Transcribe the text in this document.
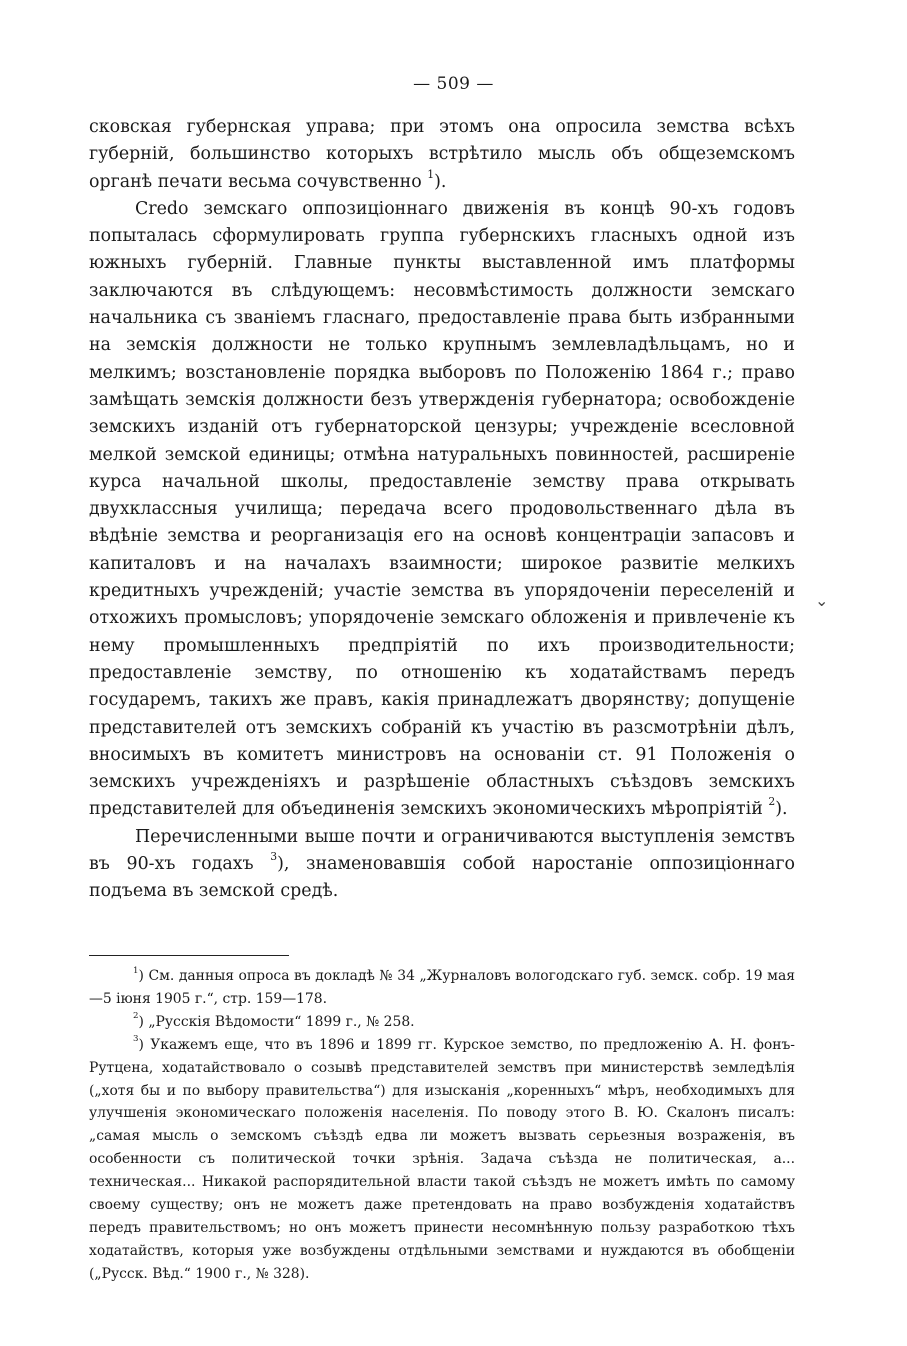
— 509 —

сковская губернская управа; при этомъ она опросила земства всѣхъ губерній, большинство которыхъ встрѣтило мысль объ общеземскомъ органѣ печати весьма сочувственно $^1$).

Credo земскаго оппозиціоннаго движенія въ концѣ 90-хъ годовъ попыталась сформулировать группа губернскихъ гласныхъ одной изъ южныхъ губерній. Главные пункты выставленной имъ платформы заключаются въ слѣдующемъ: несовмѣстимость должности земскаго начальника съ званіемъ гласнаго, предоставленіе права быть избранными на земскія должности не только крупнымъ землевладѣльцамъ, но и мелкимъ; возстановленіе порядка выборовъ по Положенію 1864 г.; право замѣщать земскія должности безъ утвержденія губернатора; освобожденіе земскихъ изданій отъ губернаторской цензуры; учрежденіе всесловной мелкой земской единицы; отмѣна натуральныхъ повинностей, расширеніе курса начальной школы, предоставленіе земству права открывать двухклассныя училища; передача всего продовольственнаго дѣла въ вѣдѣніе земства и реорганизація его на основѣ концентраціи запасовъ и капиталовъ и на началахъ взаимности; широкое развитіе мелкихъ кредитныхъ учрежденій; участіе земства въ упорядоченіи переселеній и отхожихъ промысловъ; упорядоченіе земскаго обложенія и привлеченіе къ нему промышленныхъ предпріятій по ихъ производительности; предоставленіе земству, по отношенію къ ходатайствамъ передъ государемъ, такихъ же правъ, какія принадлежатъ дворянству; допущеніе представителей отъ земскихъ собраній къ участію въ разсмотрѣніи дѣлъ, вносимыхъ въ комитетъ министровъ на основаніи ст. 91 Положенія о земскихъ учрежденіяхъ и разрѣшеніе областныхъ съѣздовъ земскихъ представителей для объединенія земскихъ экономическихъ мѣропріятій $^2$).

Перечисленными выше почти и ограничиваются выступленія земствъ въ 90-хъ годахъ $^3$), знаменовавшія собой наростаніе оппозиціоннаго подъема въ земской средѣ.

$^1$) См. данныя опроса въ докладѣ № 34 „Журналовъ вологодскаго губ. земск. собр. 19 мая—5 іюня 1905 г.“, стр. 159—178.

$^2$) „Русскія Вѣдомости“ 1899 г., № 258.

$^3$) Укажемъ еще, что въ 1896 и 1899 гг. Курское земство, по предложенію А. Н. фонъ-Рутцена, ходатайствовало о созывѣ представителей земствъ при министерствѣ земледѣлія („хотя бы и по выбору правительства“) для изысканія „коренныхъ“ мѣръ, необходимыхъ для улучшенія экономическаго положенія населенія. По поводу этого В. Ю. Скалонъ писалъ: „самая мысль о земскомъ съѣздѣ едва ли можетъ вызвать серьезныя возраженія, въ особенности съ политической точки зрѣнія. Задача съѣзда не политическая, а... техническая... Никакой распорядительной власти такой съѣздъ не можетъ имѣть по самому своему существу; онъ не можетъ даже претендовать на право возбужденія ходатайствъ передъ правительствомъ; но онъ можетъ принести несомнѣнную пользу разработкою тѣхъ ходатайствъ, которыя уже возбуждены отдѣльными земствами и нуждаются въ обобщеніи („Русск. Вѣд.“ 1900 г., № 328).

⌄
